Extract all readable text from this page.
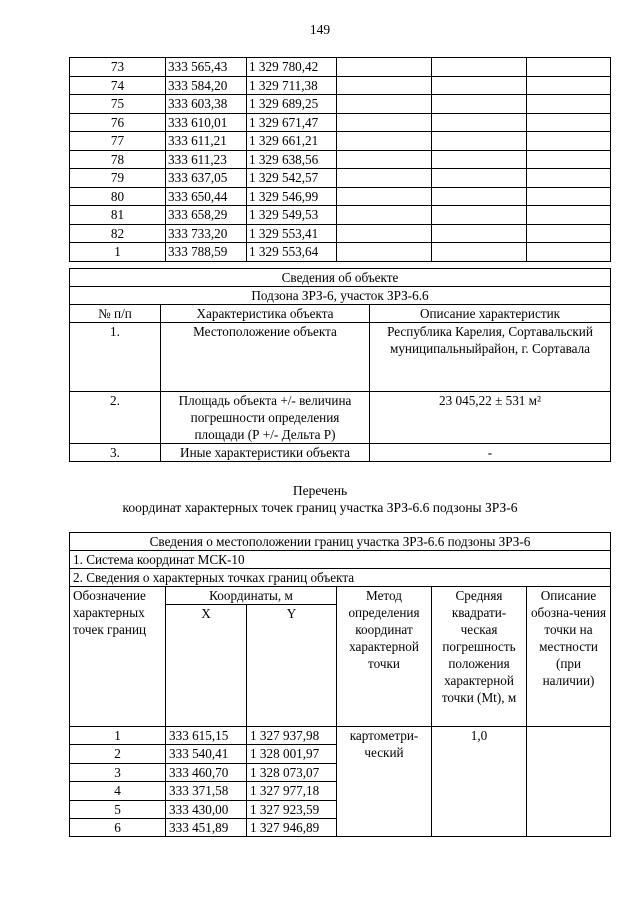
149
73	333 565,43	1 329 780,42			
74	333 584,20	1 329 711,38			
75	333 603,38	1 329 689,25			
76	333 610,01	1 329 671,47			
77	333 611,21	1 329 661,21			
78	333 611,23	1 329 638,56			
79	333 637,05	1 329 542,57			
80	333 650,44	1 329 546,99			
81	333 658,29	1 329 549,53			
82	333 733,20	1 329 553,41			
1	333 788,59	1 329 553,64			
Сведения об объекте		
Подзона ЗРЗ-6, участок ЗРЗ-6.6		
№ п/п	Характеристика объекта	Описание характеристик
1.	Местоположение объекта	Республика Карелия, Сортавальский муниципальныйрайон, г. Сортавала
2.	Площадь объекта +/- величина погрешности определения площади (Р +/- Дельта Р)	23 045,22 ± 531 м²
3.	Иные характеристики объекта	-
Перечень
координат характерных точек границ участка ЗРЗ-6.6 подзоны ЗРЗ-6
Сведения о местоположении границ участка ЗРЗ-6.6 подзоны ЗРЗ-6					
1. Система координат МСК-10					
2. Сведения о характерных точках границ объекта					
Обозначение характерных точек границ	Координаты, м		Метод определения координат характерной точки	Средняя квадрати-ческая погрешность положения характерной точки (Mt), м	Описание обозна-чения точки на местности (при наличии)
	X	Y			
1	333 615,15	1 327 937,98	картометри-ческий	1,0	
2	333 540,41	1 328 001,97			
3	333 460,70	1 328 073,07			
4	333 371,58	1 327 977,18			
5	333 430,00	1 327 923,59			
6	333 451,89	1 327 946,89			
